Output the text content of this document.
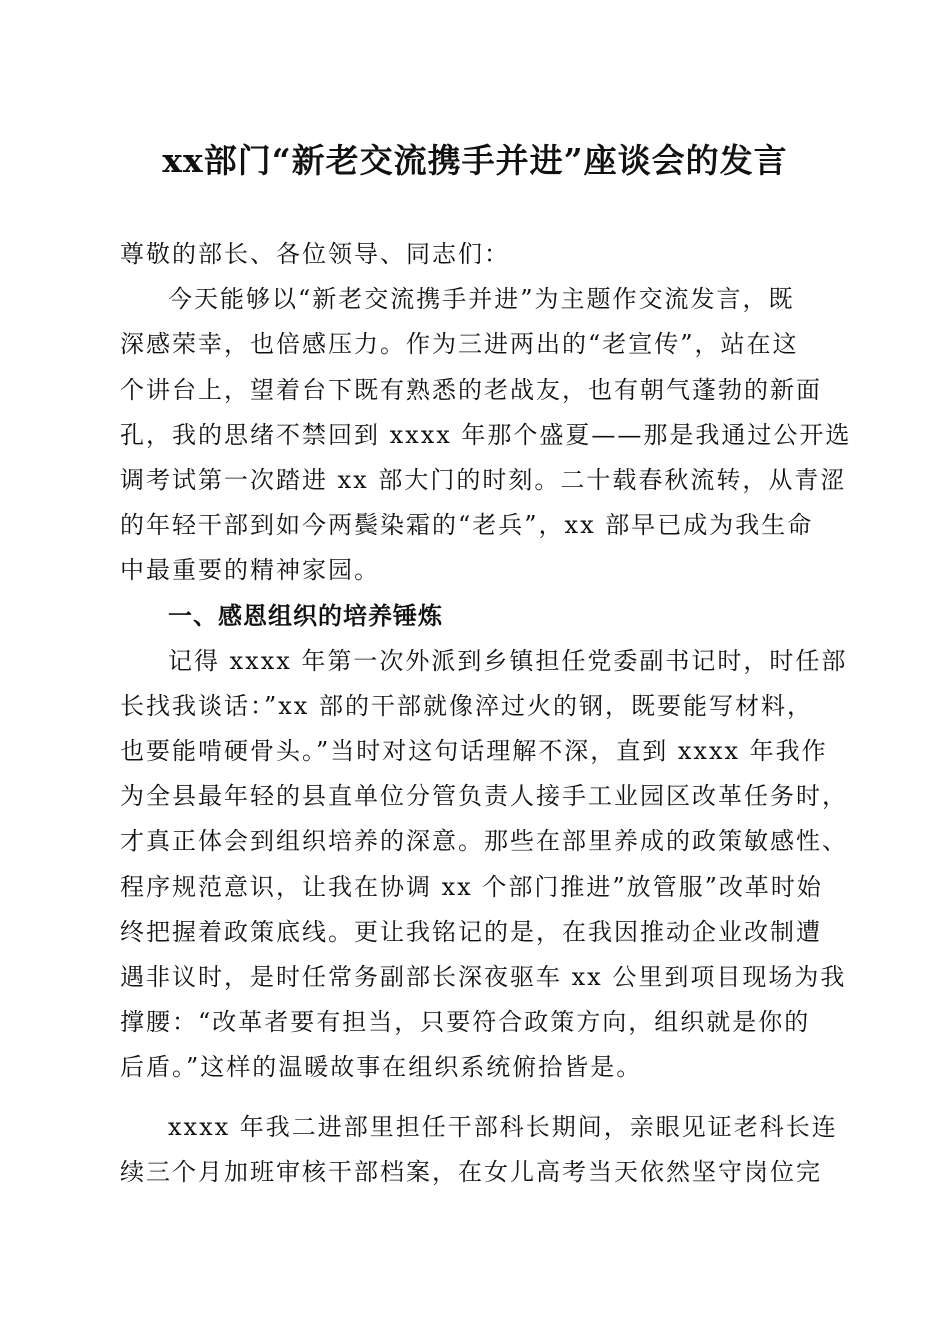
xx部门“新老交流携手并进”座谈会的发言
尊敬的部长、各位领导、同志们：
今天能够以“新老交流携手并进”为主题作交流发言，既
深感荣幸，也倍感压力。作为三进两出的“老宣传”，站在这
个讲台上，望着台下既有熟悉的老战友，也有朝气蓬勃的新面
孔，我的思绪不禁回到 xxxx 年那个盛夏——那是我通过公开选
调考试第一次踏进 xx 部大门的时刻。二十载春秋流转，从青涩
的年轻干部到如今两鬓染霜的“老兵”，xx 部早已成为我生命
中最重要的精神家园。
一、感恩组织的培养锤炼
记得 xxxx 年第一次外派到乡镇担任党委副书记时，时任部
长找我谈话：”xx 部的干部就像淬过火的钢，既要能写材料，
也要能啃硬骨头。”当时对这句话理解不深，直到 xxxx 年我作
为全县最年轻的县直单位分管负责人接手工业园区改革任务时，
才真正体会到组织培养的深意。那些在部里养成的政策敏感性、
程序规范意识，让我在协调 xx 个部门推进”放管服”改革时始
终把握着政策底线。更让我铭记的是，在我因推动企业改制遭
遇非议时，是时任常务副部长深夜驱车 xx 公里到项目现场为我
撑腰：“改革者要有担当，只要符合政策方向，组织就是你的
后盾。”这样的温暖故事在组织系统俯拾皆是。
xxxx 年我二进部里担任干部科长期间，亲眼见证老科长连
续三个月加班审核干部档案，在女儿高考当天依然坚守岗位完
